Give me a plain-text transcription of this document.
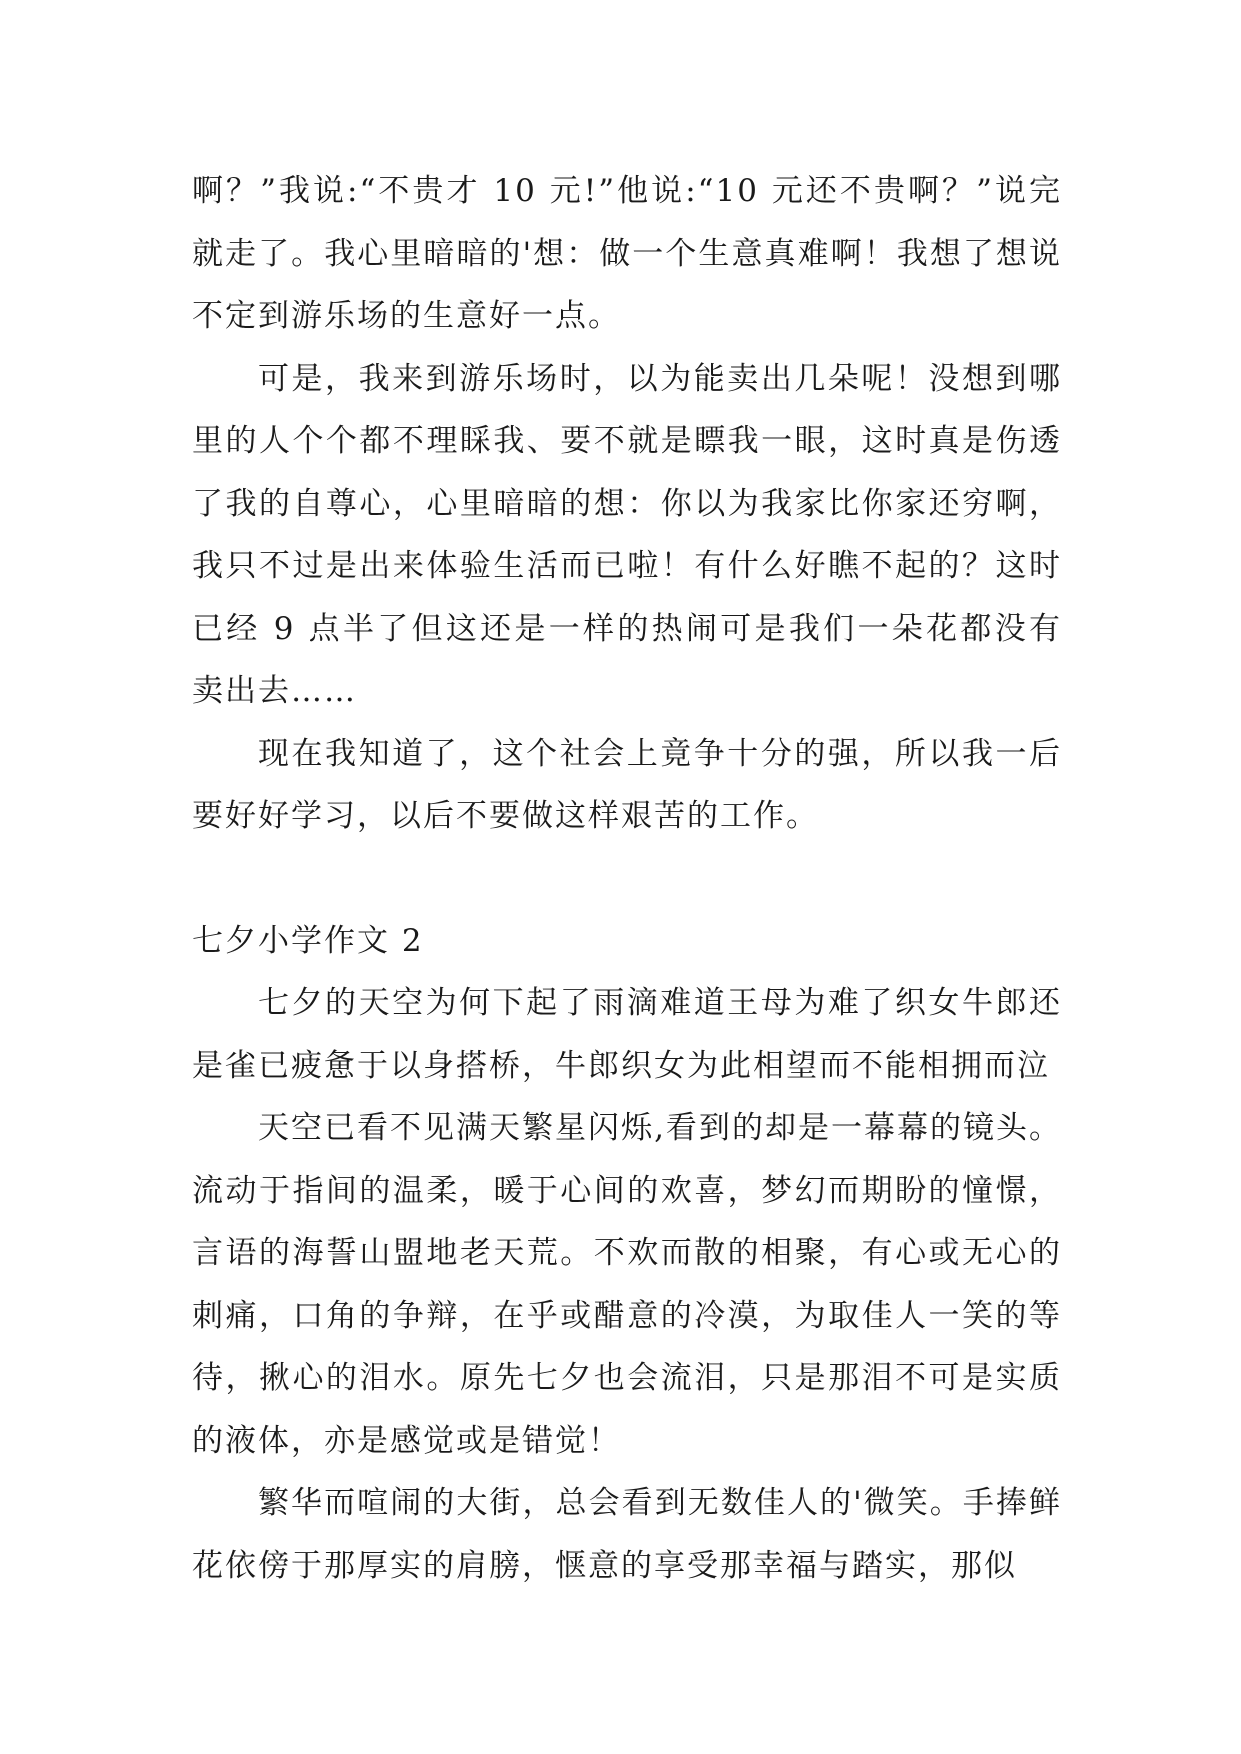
啊？”我说:“不贵才 10 元!”他说:“10 元还不贵啊？”说完就走了。我心里暗暗的'想：做一个生意真难啊！我想了想说不定到游乐场的生意好一点。

可是，我来到游乐场时，以为能卖出几朵呢！没想到哪里的人个个都不理睬我、要不就是瞟我一眼，这时真是伤透了我的自尊心，心里暗暗的想：你以为我家比你家还穷啊，我只不过是出来体验生活而已啦！有什么好瞧不起的？这时已经 9 点半了但这还是一样的热闹可是我们一朵花都没有卖出去……

现在我知道了，这个社会上竟争十分的强，所以我一后要好好学习，以后不要做这样艰苦的工作。

七夕小学作文 2

七夕的天空为何下起了雨滴难道王母为难了织女牛郎还是雀已疲惫于以身搭桥，牛郎织女为此相望而不能相拥而泣

天空已看不见满天繁星闪烁,看到的却是一幕幕的镜头。流动于指间的温柔，暖于心间的欢喜，梦幻而期盼的憧憬，言语的海誓山盟地老天荒。不欢而散的相聚，有心或无心的刺痛，口角的争辩，在乎或醋意的冷漠，为取佳人一笑的等待，揪心的泪水。原先七夕也会流泪，只是那泪不可是实质的液体，亦是感觉或是错觉！

繁华而喧闹的大街，总会看到无数佳人的'微笑。手捧鲜花依傍于那厚实的肩膀，惬意的享受那幸福与踏实，那似
